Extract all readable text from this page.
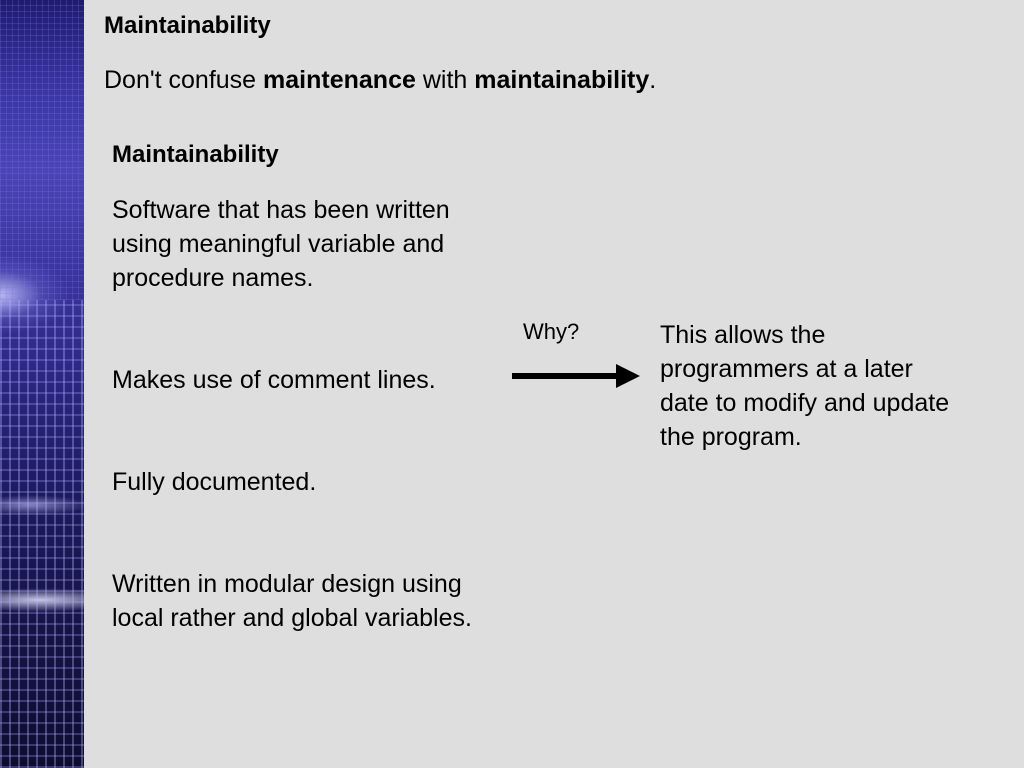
Maintainability
Don't confuse maintenance with maintainability.
Maintainability
Software that has been written
using meaningful variable and
procedure names.
Makes use of comment lines.
Fully documented.
Written in modular design using
local rather and global variables.
Why?	This allows the
programmers at a later
date to modify and update
the program.
